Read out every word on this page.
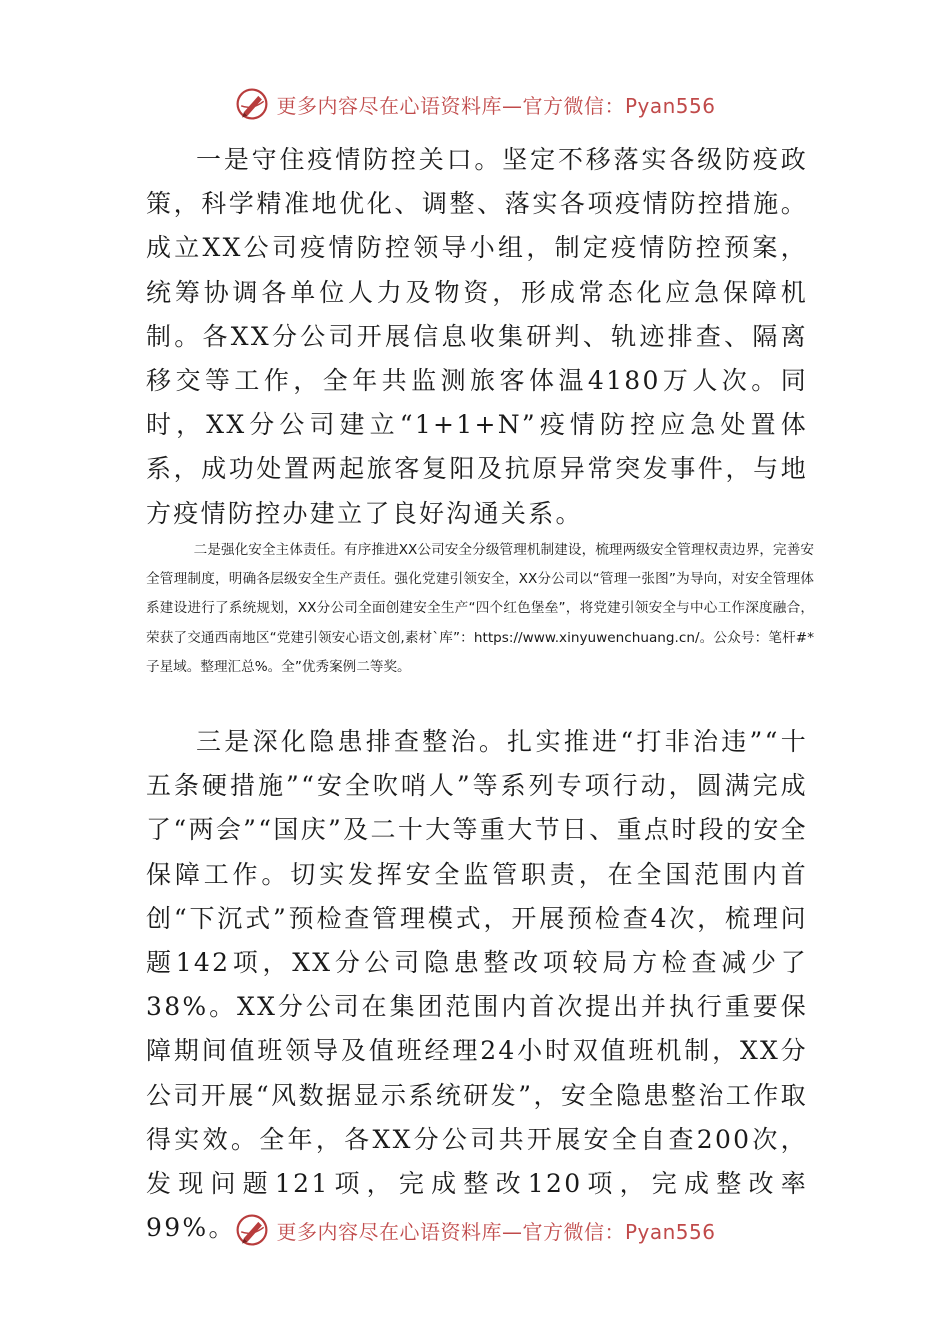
更多内容尽在心语资料库—官方微信：Pyan556

一是守住疫情防控关口。坚定不移落实各级防疫政策，科学精准地优化、调整、落实各项疫情防控措施。成立XX公司疫情防控领导小组，制定疫情防控预案，统筹协调各单位人力及物资，形成常态化应急保障机制。各XX分公司开展信息收集研判、轨迹排查、隔离移交等工作，全年共监测旅客体温4180万人次。同时，XX分公司建立“1+1+N”疫情防控应急处置体系，成功处置两起旅客复阳及抗原异常突发事件，与地方疫情防控办建立了良好沟通关系。

二是强化安全主体责任。有序推进XX公司安全分级管理机制建设，梳理两级安全管理权责边界，完善安全管理制度，明确各层级安全生产责任。强化党建引领安全，XX分公司以“管理一张图”为导向，对安全管理体系建设进行了系统规划，XX分公司全面创建安全生产“四个红色堡垒”，将党建引领安全与中心工作深度融合，荣获了交通西南地区“党建引领安心语文创,素材`库”：https://www.xinyuwenchuang.cn/。公众号：笔杆#*子星域。整理汇总%。全”优秀案例二等奖。

三是深化隐患排查整治。扎实推进“打非治违”“十五条硬措施”“安全吹哨人”等系列专项行动，圆满完成了“两会”“国庆”及二十大等重大节日、重点时段的安全保障工作。切实发挥安全监管职责，在全国范围内首创“下沉式”预检查管理模式，开展预检查4次，梳理问题142项，XX分公司隐患整改项较局方检查减少了38%。XX分公司在集团范围内首次提出并执行重要保障期间值班领导及值班经理24小时双值班机制，XX分公司开展“风数据显示系统研发”，安全隐患整治工作取得实效。全年，各XX分公司共开展安全自查200次，发现问题121项，完成整改120项，完成整改率99%。	更多内容尽在心语资料库—官方微信：Pyan556
